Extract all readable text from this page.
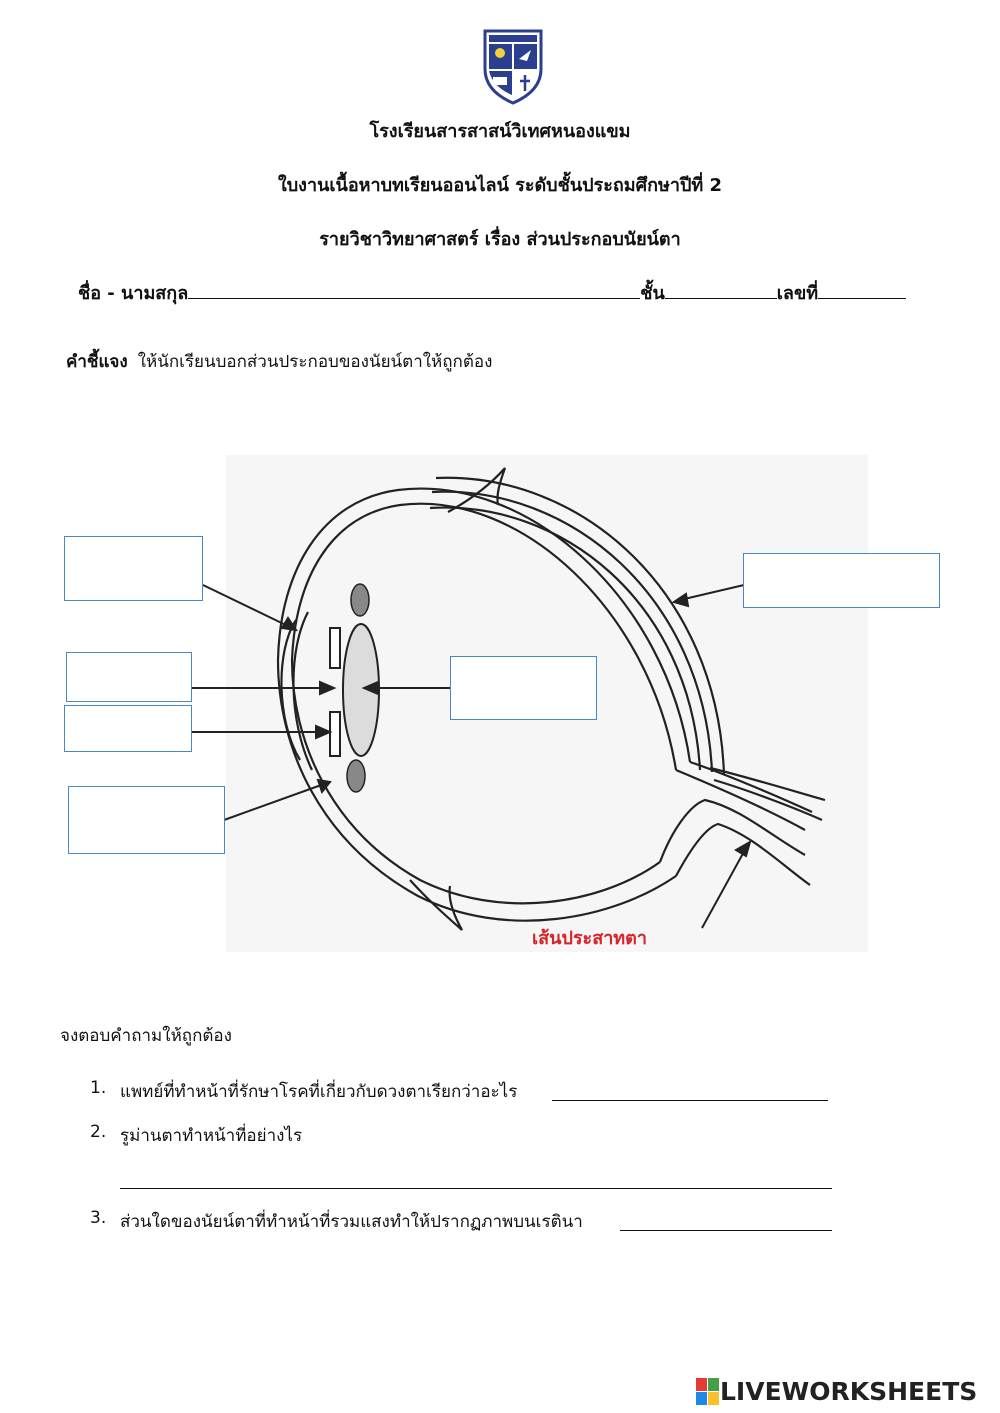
โรงเรียนสารสาสน์วิเทศหนองแขม
ใบงานเนื้อหาบทเรียนออนไลน์ ระดับชั้นประถมศึกษาปีที่ 2
รายวิชาวิทยาศาสตร์ เรื่อง ส่วนประกอบนัยน์ตา
ชื่อ - นามสกุล	ชั้น	เลขที่
คำชี้แจง ให้นักเรียนบอกส่วนประกอบของนัยน์ตาให้ถูกต้อง
เส้นประสาทตา
จงตอบคำถามให้ถูกต้อง
1. แพทย์ที่ทำหน้าที่รักษาโรคที่เกี่ยวกับดวงตาเรียกว่าอะไร
2. รูม่านตาทำหน้าที่อย่างไร
3. ส่วนใดของนัยน์ตาที่ทำหน้าที่รวมแสงทำให้ปรากฏภาพบนเรตินา
LIVEWORKSHEETS
